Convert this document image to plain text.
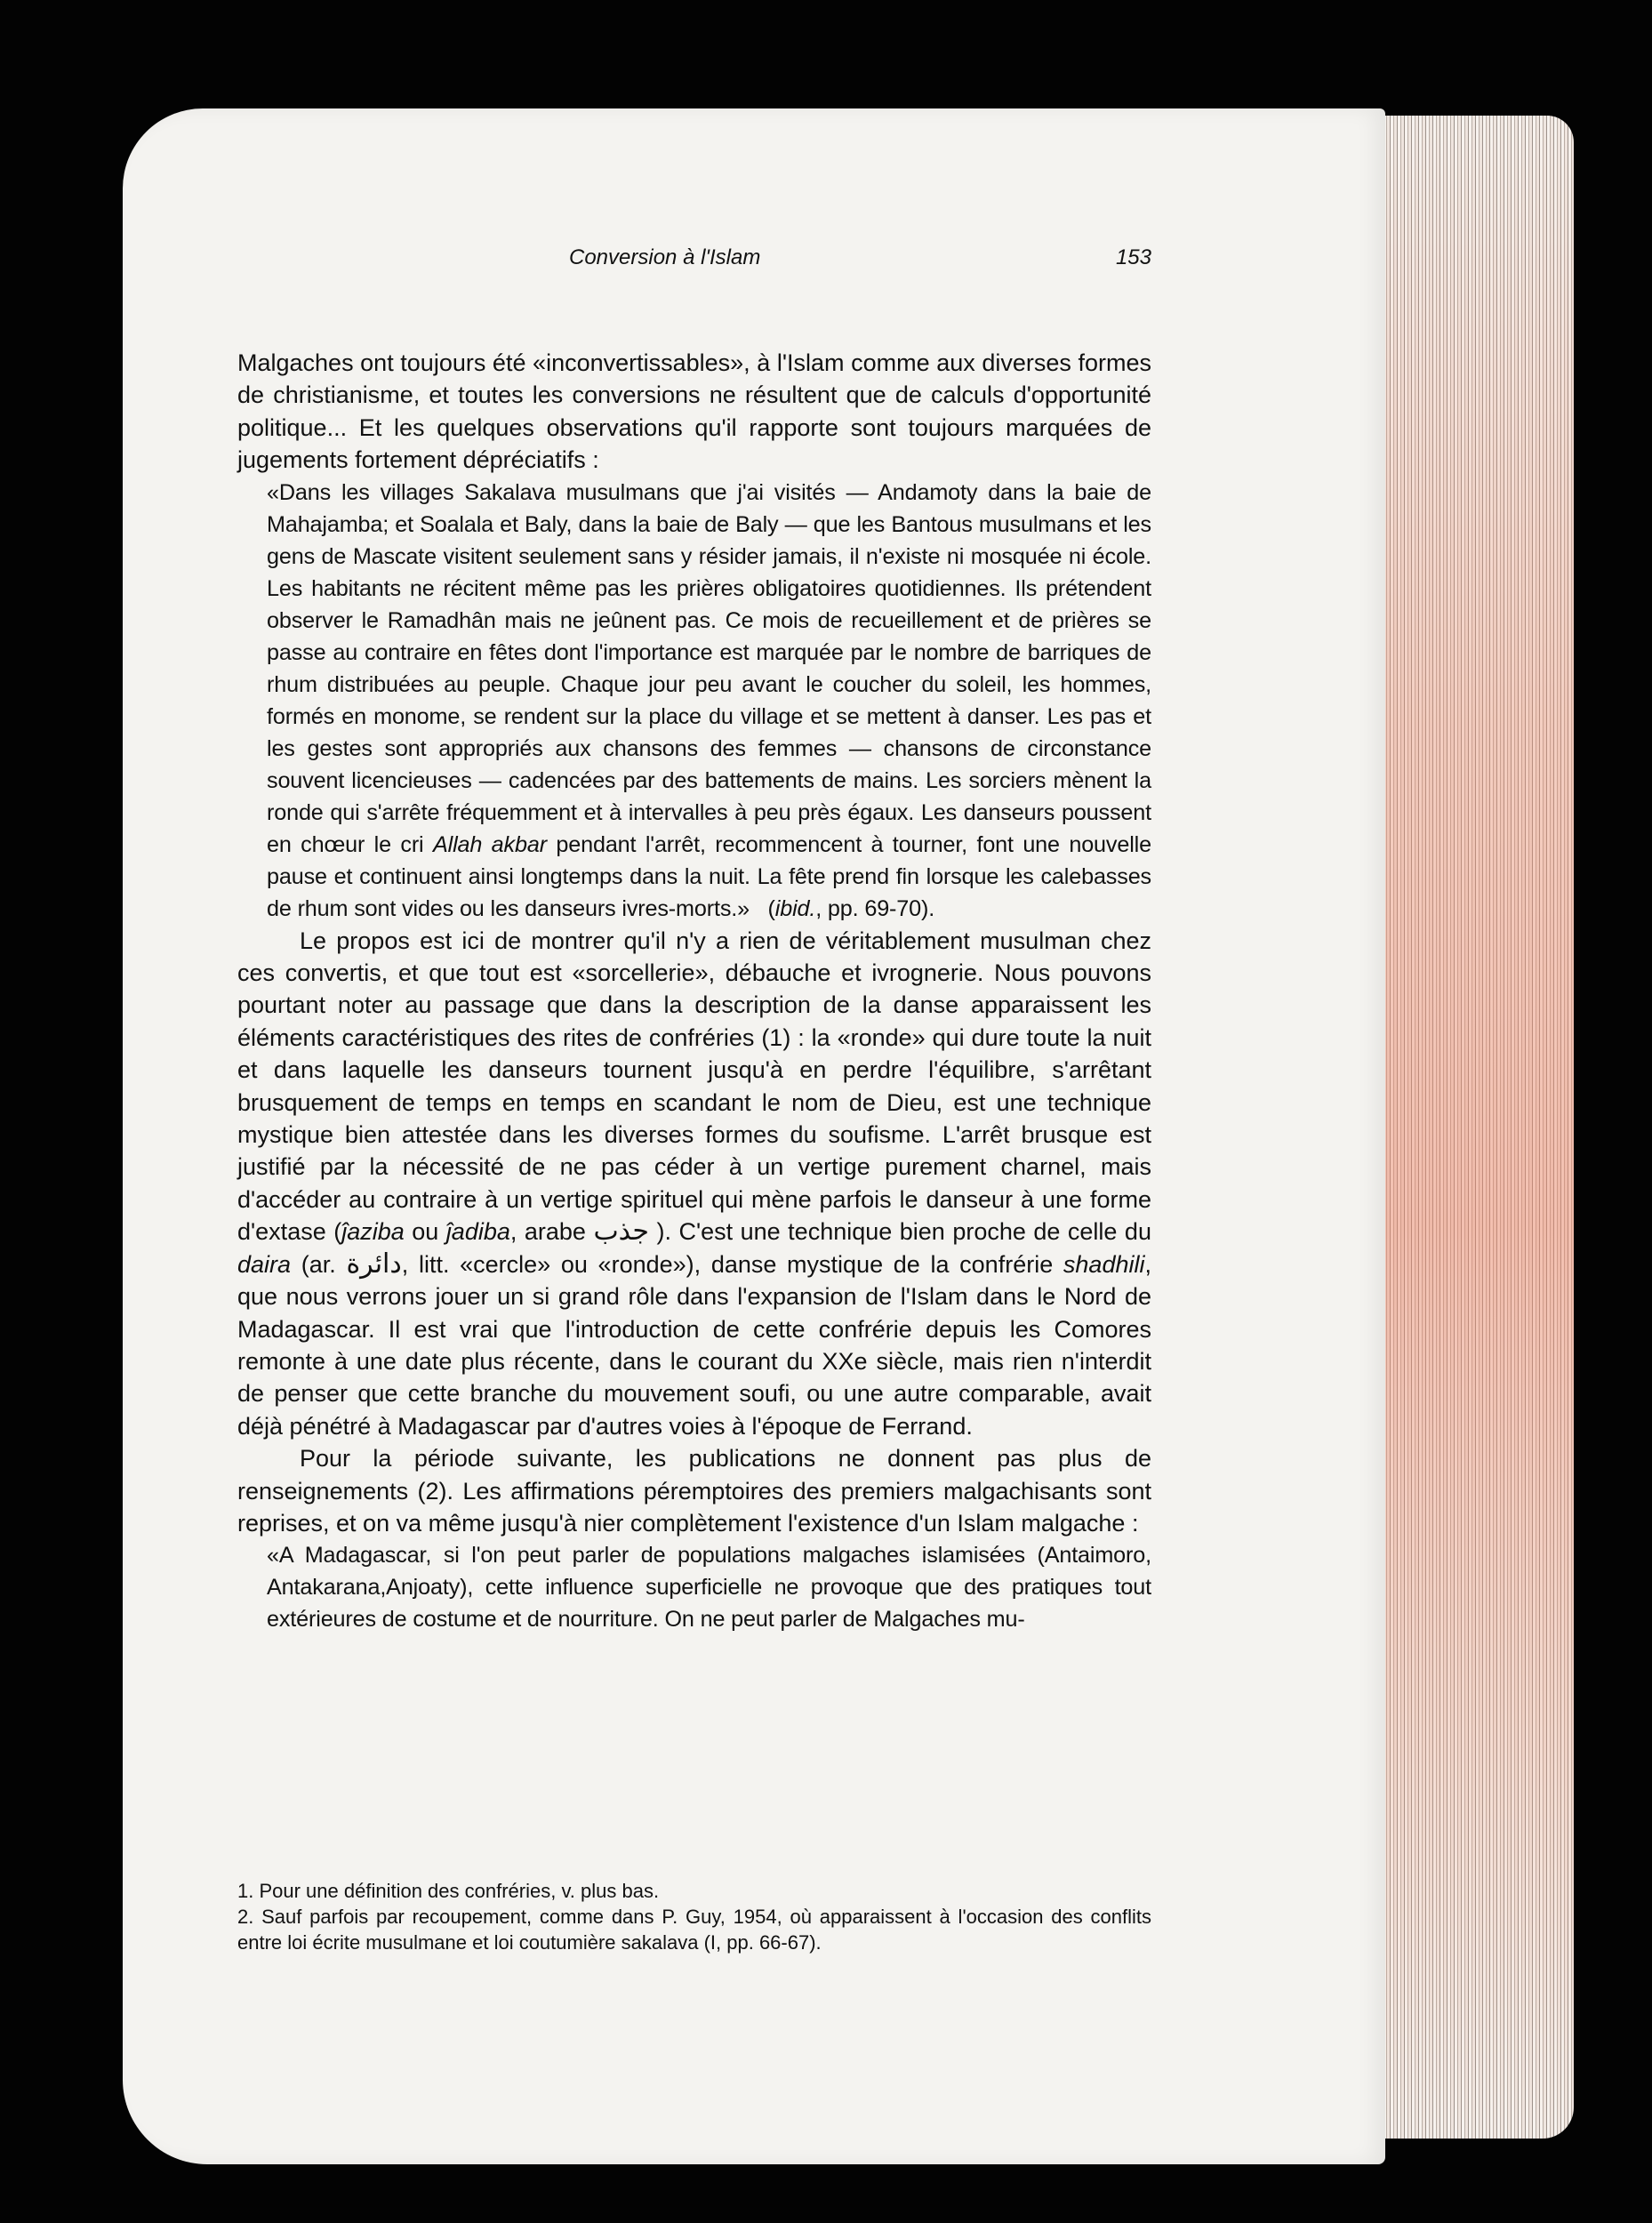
Conversion à l'Islam	153

Malgaches ont toujours été «inconvertissables», à l'Islam comme aux diverses formes de christianisme, et toutes les conversions ne résultent que de calculs d'opportunité politique... Et les quelques observations qu'il rapporte sont toujours marquées de jugements fortement dépréciatifs :

«Dans les villages Sakalava musulmans que j'ai visités — Andamoty dans la baie de Mahajamba; et Soalala et Baly, dans la baie de Baly — que les Bantous musulmans et les gens de Mascate visitent seulement sans y résider jamais, il n'existe ni mosquée ni école. Les habitants ne récitent même pas les prières obligatoires quotidiennes. Ils prétendent observer le Ramadhân mais ne jeûnent pas. Ce mois de recueillement et de prières se passe au contraire en fêtes dont l'importance est marquée par le nombre de barriques de rhum distribuées au peuple. Chaque jour peu avant le coucher du soleil, les hommes, formés en monome, se rendent sur la place du village et se mettent à danser. Les pas et les gestes sont appropriés aux chansons des femmes — chansons de circonstance souvent licencieuses — cadencées par des battements de mains. Les sorciers mènent la ronde qui s'arrête fréquemment et à intervalles à peu près égaux. Les danseurs poussent en chœur le cri Allah akbar pendant l'arrêt, recommencent à tourner, font une nouvelle pause et continuent ainsi longtemps dans la nuit. La fête prend fin lorsque les calebasses de rhum sont vides ou les danseurs ivres-morts.» (ibid., pp. 69-70).

Le propos est ici de montrer qu'il n'y a rien de véritablement musulman chez ces convertis, et que tout est «sorcellerie», débauche et ivrognerie. Nous pouvons pourtant noter au passage que dans la description de la danse apparaissent les éléments caractéristiques des rites de confréries (1) : la «ronde» qui dure toute la nuit et dans laquelle les danseurs tournent jusqu'à en perdre l'équilibre, s'arrêtant brusquement de temps en temps en scandant le nom de Dieu, est une technique mystique bien attestée dans les diverses formes du soufisme. L'arrêt brusque est justifié par la nécessité de ne pas céder à un vertige purement charnel, mais d'accéder au contraire à un vertige spirituel qui mène parfois le danseur à une forme d'extase (ĵaziba ou ĵadiba, arabe جذب ). C'est une technique bien proche de celle du daira (ar. دائرة, litt. «cercle» ou «ronde»), danse mystique de la confrérie shadhili, que nous verrons jouer un si grand rôle dans l'expansion de l'Islam dans le Nord de Madagascar. Il est vrai que l'introduction de cette confrérie depuis les Comores remonte à une date plus récente, dans le courant du XXe siècle, mais rien n'interdit de penser que cette branche du mouvement soufi, ou une autre comparable, avait déjà pénétré à Madagascar par d'autres voies à l'époque de Ferrand.

Pour la période suivante, les publications ne donnent pas plus de renseignements (2). Les affirmations péremptoires des premiers malgachisants sont reprises, et on va même jusqu'à nier complètement l'existence d'un Islam malgache :

«A Madagascar, si l'on peut parler de populations malgaches islamisées (Antaimoro, Antakarana,Anjoaty), cette influence superficielle ne provoque que des pratiques tout extérieures de costume et de nourriture. On ne peut parler de Malgaches mu-

1. Pour une définition des confréries, v. plus bas.

2. Sauf parfois par recoupement, comme dans P. Guy, 1954, où apparaissent à l'occasion des conflits entre loi écrite musulmane et loi coutumière sakalava (I, pp. 66-67).
